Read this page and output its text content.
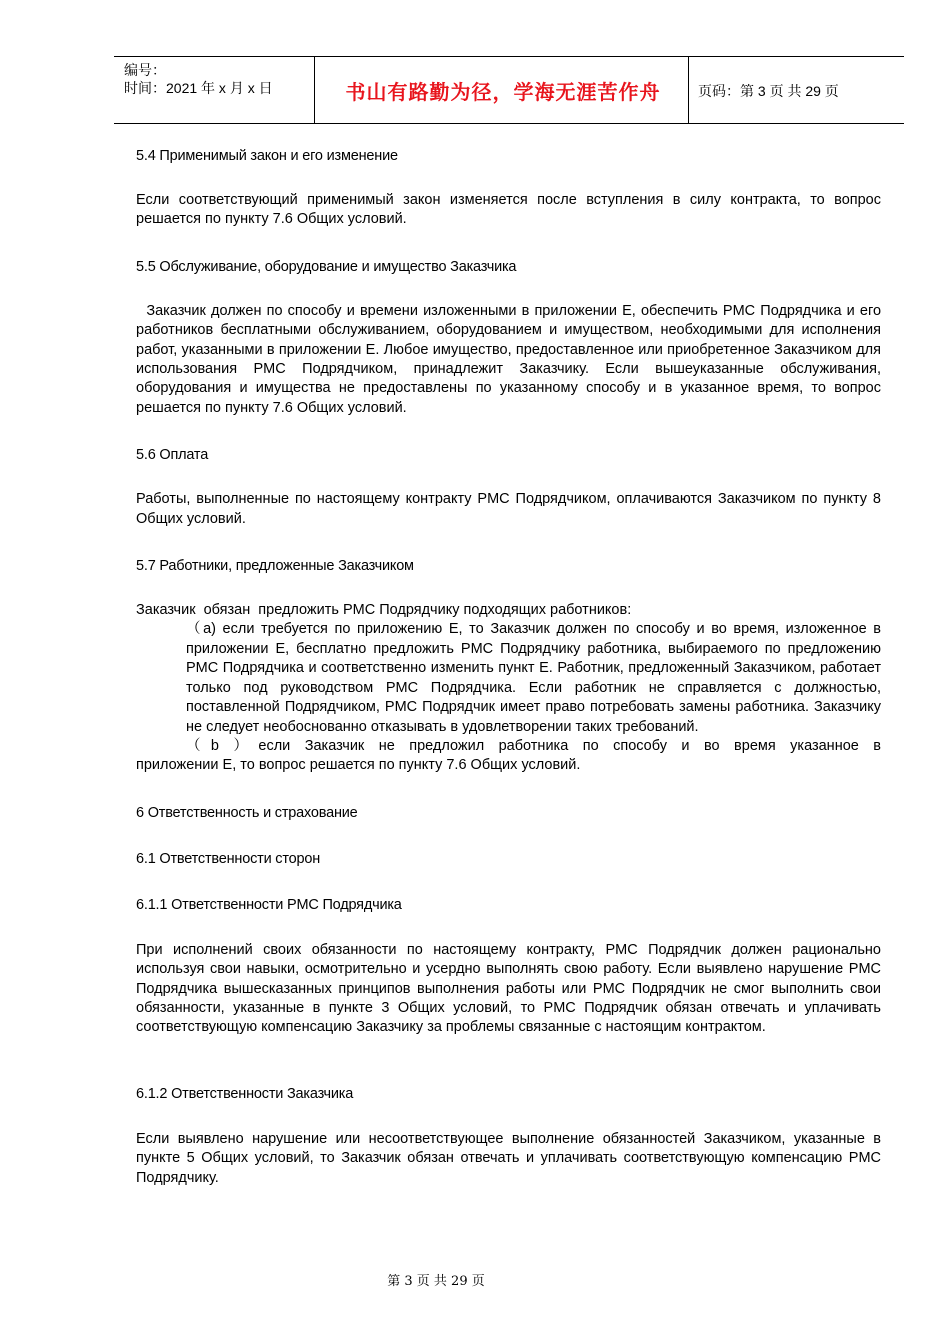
编号：
时间：2021 年 x 月 x 日	书山有路勤为径，学海无涯苦作舟	页码：第 3 页 共 29 页

5.4 Применимый закон и его изменение

Если соответствующий применимый закон изменяется после вступления в силу контракта, то вопрос решается по пункту 7.6 Общих условий.

5.5 Обслуживание, оборудование и имущество Заказчика

Заказчик должен по способу и времени изложенными в приложении Е, обеспечить PMC Подрядчика и его работников бесплатными обслуживанием, оборудованием и имуществом, необходимыми для исполнения работ, указанными в приложении Е. Любое имущество, предоставленное или приобретенное Заказчиком для использования PMC Подрядчиком, принадлежит Заказчику. Если вышеуказанные обслуживания, оборудования и имущества не предоставлены по указанному способу и в указанное время, то вопрос решается по пункту 7.6 Общих условий.

5.6 Оплата

Работы, выполненные по настоящему контракту PMC Подрядчиком, оплачиваются Заказчиком по пункту 8 Общих условий.

5.7 Работники, предложенные Заказчиком

Заказчик  обязан  предложить PMC Подрядчику подходящих работников:

（a) если требуется по приложению Е, то Заказчик должен по способу и во время, изложенное в приложении Е, бесплатно предложить PMC Подрядчику работника, выбираемого по предложению PMC Подрядчика и соответственно изменить пункт Е. Работник, предложенный Заказчиком, работает только под руководством PMC Подрядчика. Если работник не справляется с должностью, поставленной Подрядчиком, PMC Подрядчик имеет право потребовать замены работника. Заказчику не следует необоснованно отказывать в удовлетворении таких требований.

（b ）если Заказчик не предложил работника по способу и во время указанное в

приложении Е, то вопрос решается по пункту 7.6 Общих условий.

6 Ответственность и страхование

6.1 Ответственности сторон

6.1.1 Ответственности PMC Подрядчика

При исполнений своих обязанности по настоящему контракту, PMC Подрядчик должен рационально используя свои навыки, осмотрительно и усердно выполнять свою работу. Если выявлено нарушение PMC Подрядчика вышесказанных принципов выполнения работы или PMC Подрядчик не смог выполнить свои обязанности, указанные в пункте 3 Общих условий, то PMC Подрядчик обязан отвечать и уплачивать соответствующую компенсацию Заказчику за проблемы связанные с настоящим контрактом.

6.1.2 Ответственности Заказчика

Если выявлено нарушение или несоответствующее выполнение обязанностей Заказчиком, указанные в пункте 5 Общих условий, то Заказчик обязан отвечать и уплачивать соответствующую компенсацию PMC Подрядчику.

第 3 页 共 29 页
